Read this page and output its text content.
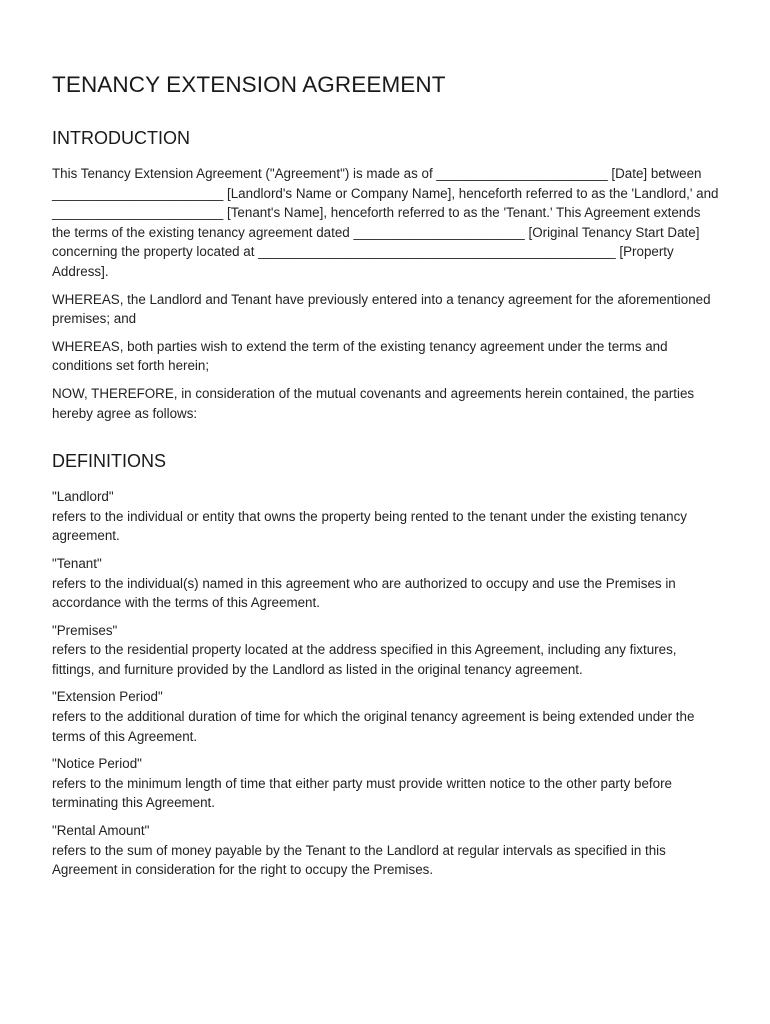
TENANCY EXTENSION AGREEMENT
INTRODUCTION

This Tenancy Extension Agreement ("Agreement") is made as of _______________________ [Date] between _______________________ [Landlord's Name or Company Name], henceforth referred to as the 'Landlord,' and _______________________ [Tenant's Name], henceforth referred to as the 'Tenant.' This Agreement extends the terms of the existing tenancy agreement dated _______________________ [Original Tenancy Start Date] concerning the property located at ________________________________________________ [Property Address].

WHEREAS, the Landlord and Tenant have previously entered into a tenancy agreement for the aforementioned premises; and

WHEREAS, both parties wish to extend the term of the existing tenancy agreement under the terms and conditions set forth herein;

NOW, THEREFORE, in consideration of the mutual covenants and agreements herein contained, the parties hereby agree as follows:

DEFINITIONS
"Landlord"
refers to the individual or entity that owns the property being rented to the tenant under the existing tenancy agreement.
"Tenant"
refers to the individual(s) named in this agreement who are authorized to occupy and use the Premises in accordance with the terms of this Agreement.
"Premises"
refers to the residential property located at the address specified in this Agreement, including any fixtures, fittings, and furniture provided by the Landlord as listed in the original tenancy agreement.
"Extension Period"
refers to the additional duration of time for which the original tenancy agreement is being extended under the terms of this Agreement.
"Notice Period"
refers to the minimum length of time that either party must provide written notice to the other party before terminating this Agreement.
"Rental Amount"
refers to the sum of money payable by the Tenant to the Landlord at regular intervals as specified in this Agreement in consideration for the right to occupy the Premises.
